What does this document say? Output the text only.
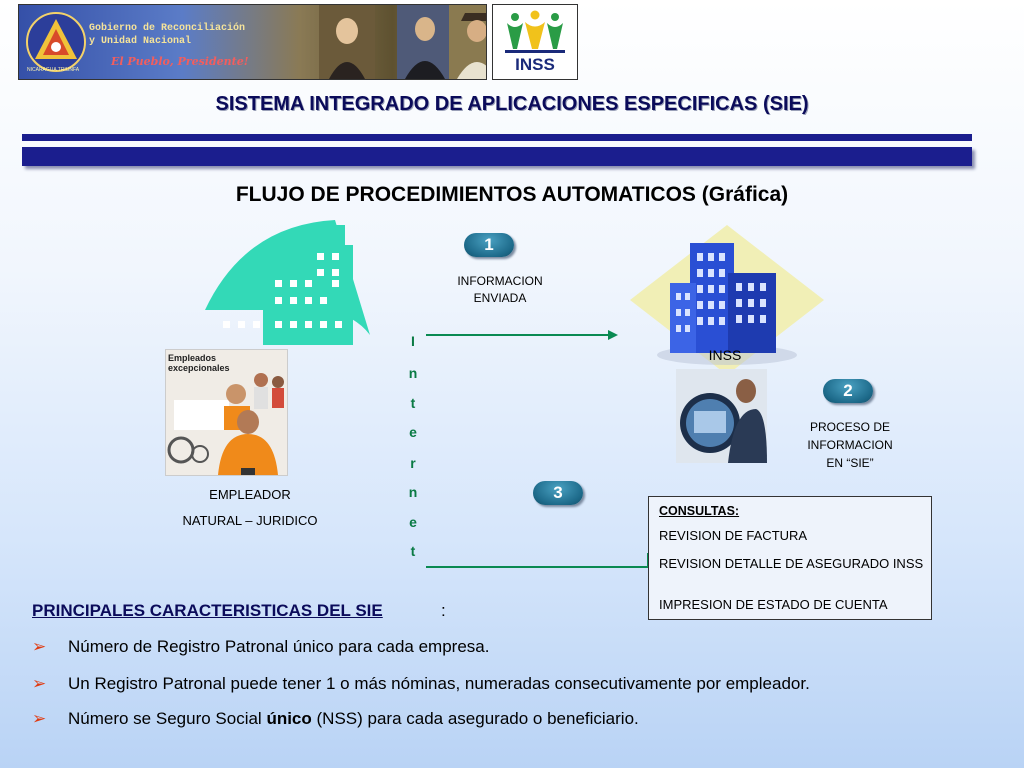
Gobierno de Reconciliación
y Unidad Nacional
El Pueblo, Presidente!
NICARAGUA TRIUNFA	INSS
SISTEMA INTEGRADO DE APLICACIONES ESPECIFICAS (SIE)
FLUJO DE PROCEDIMIENTOS AUTOMATICOS (Gráfica)
Empleados
excepcionales
EMPLEADOR
NATURAL – JURIDICO
1
INFORMACION
ENVIADA
I
n
t
e
r
n
e
t
INSS
2
PROCESO DE
INFORMACION
EN “SIE”
3
CONSULTAS:
REVISION DE FACTURA
REVISION DETALLE DE ASEGURADO INSS
IMPRESION DE ESTADO DE CUENTA
PRINCIPALES CARACTERISTICAS DEL SIE	:
➢ Número de Registro Patronal único para cada empresa.
➢ Un Registro Patronal puede tener 1 o más nóminas, numeradas consecutivamente por empleador.
➢ Número se Seguro Social único (NSS) para cada asegurado o beneficiario.
